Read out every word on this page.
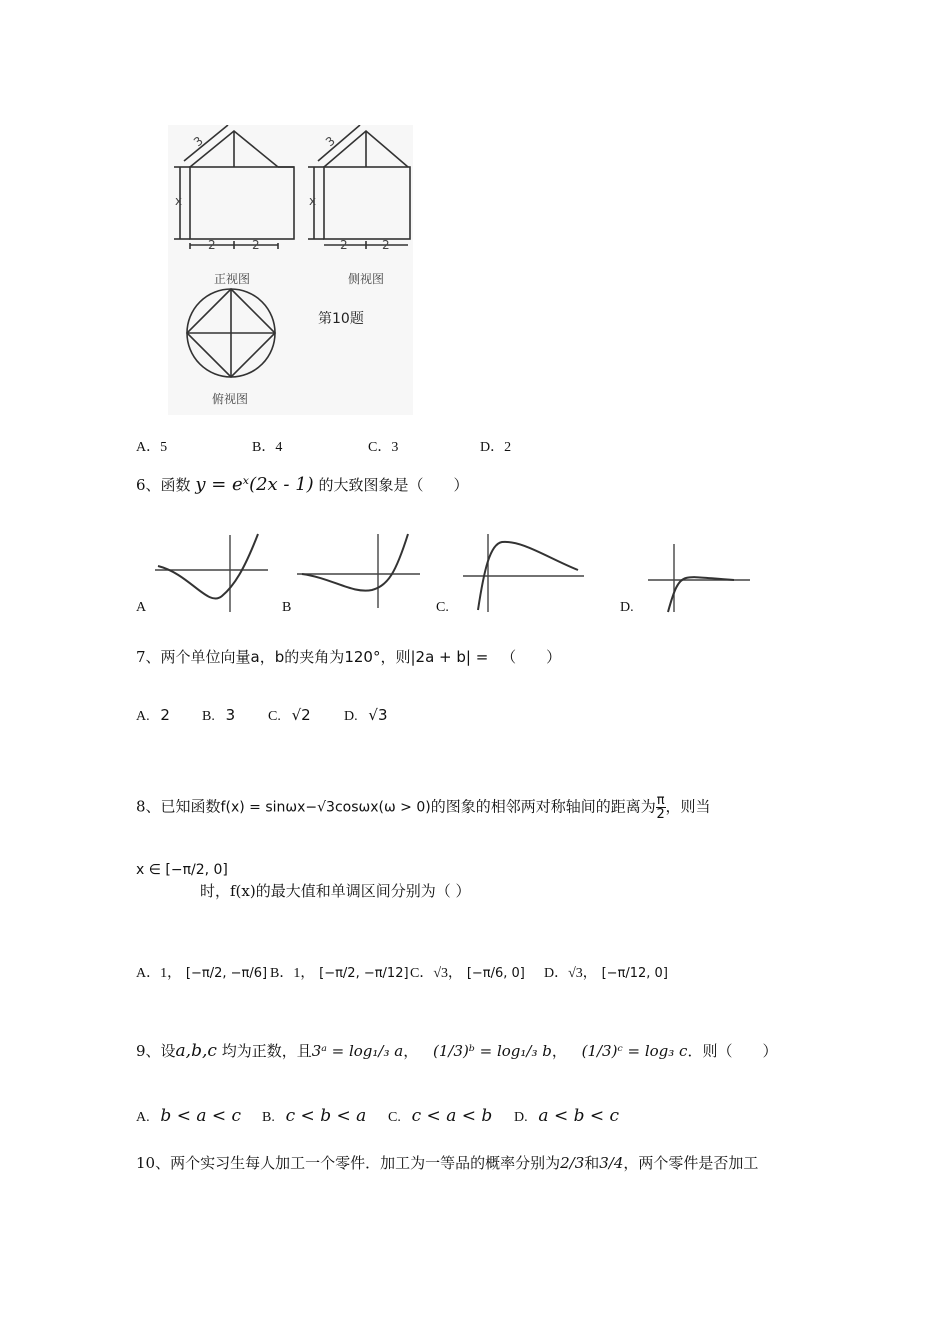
3
x
2	2
正视图
3
x
2	2
侧视图
俯视图
第10题
A．5	B．4	C．3	D．2
6、函数 y = eˣ(2x - 1) 的大致图象是（　　）
A	B	C.	D.
7、两个单位向量a，b的夹角为120°，则|2a + b| = （　　）
A. 2 B. 3 C. √2 D. √3
8、已知函数f(x) = sinωx−√3cosωx(ω > 0)的图象的相邻两对称轴间的距离为 $\frac{\pi}{2}$ ，则当
x ∈ [−π/2, 0]
时，f(x)的最大值和单调区间分别为（ ）
A．1， [−π/2, −π/6] B．1， [−π/2, −π/12] C．√3， [−π/6, 0] D．√3， [−π/12, 0]
9、设a,b,c 均为正数，且3ᵃ = log₁/₃ a， (1/3)ᵇ = log₁/₃ b， (1/3)ᶜ = log₃ c．则（　　）
A. b < a < c B. c < b < a C. c < a < b D. a < b < c
10、两个实习生每人加工一个零件．加工为一等品的概率分别为2/3和3/4，两个零件是否加工
